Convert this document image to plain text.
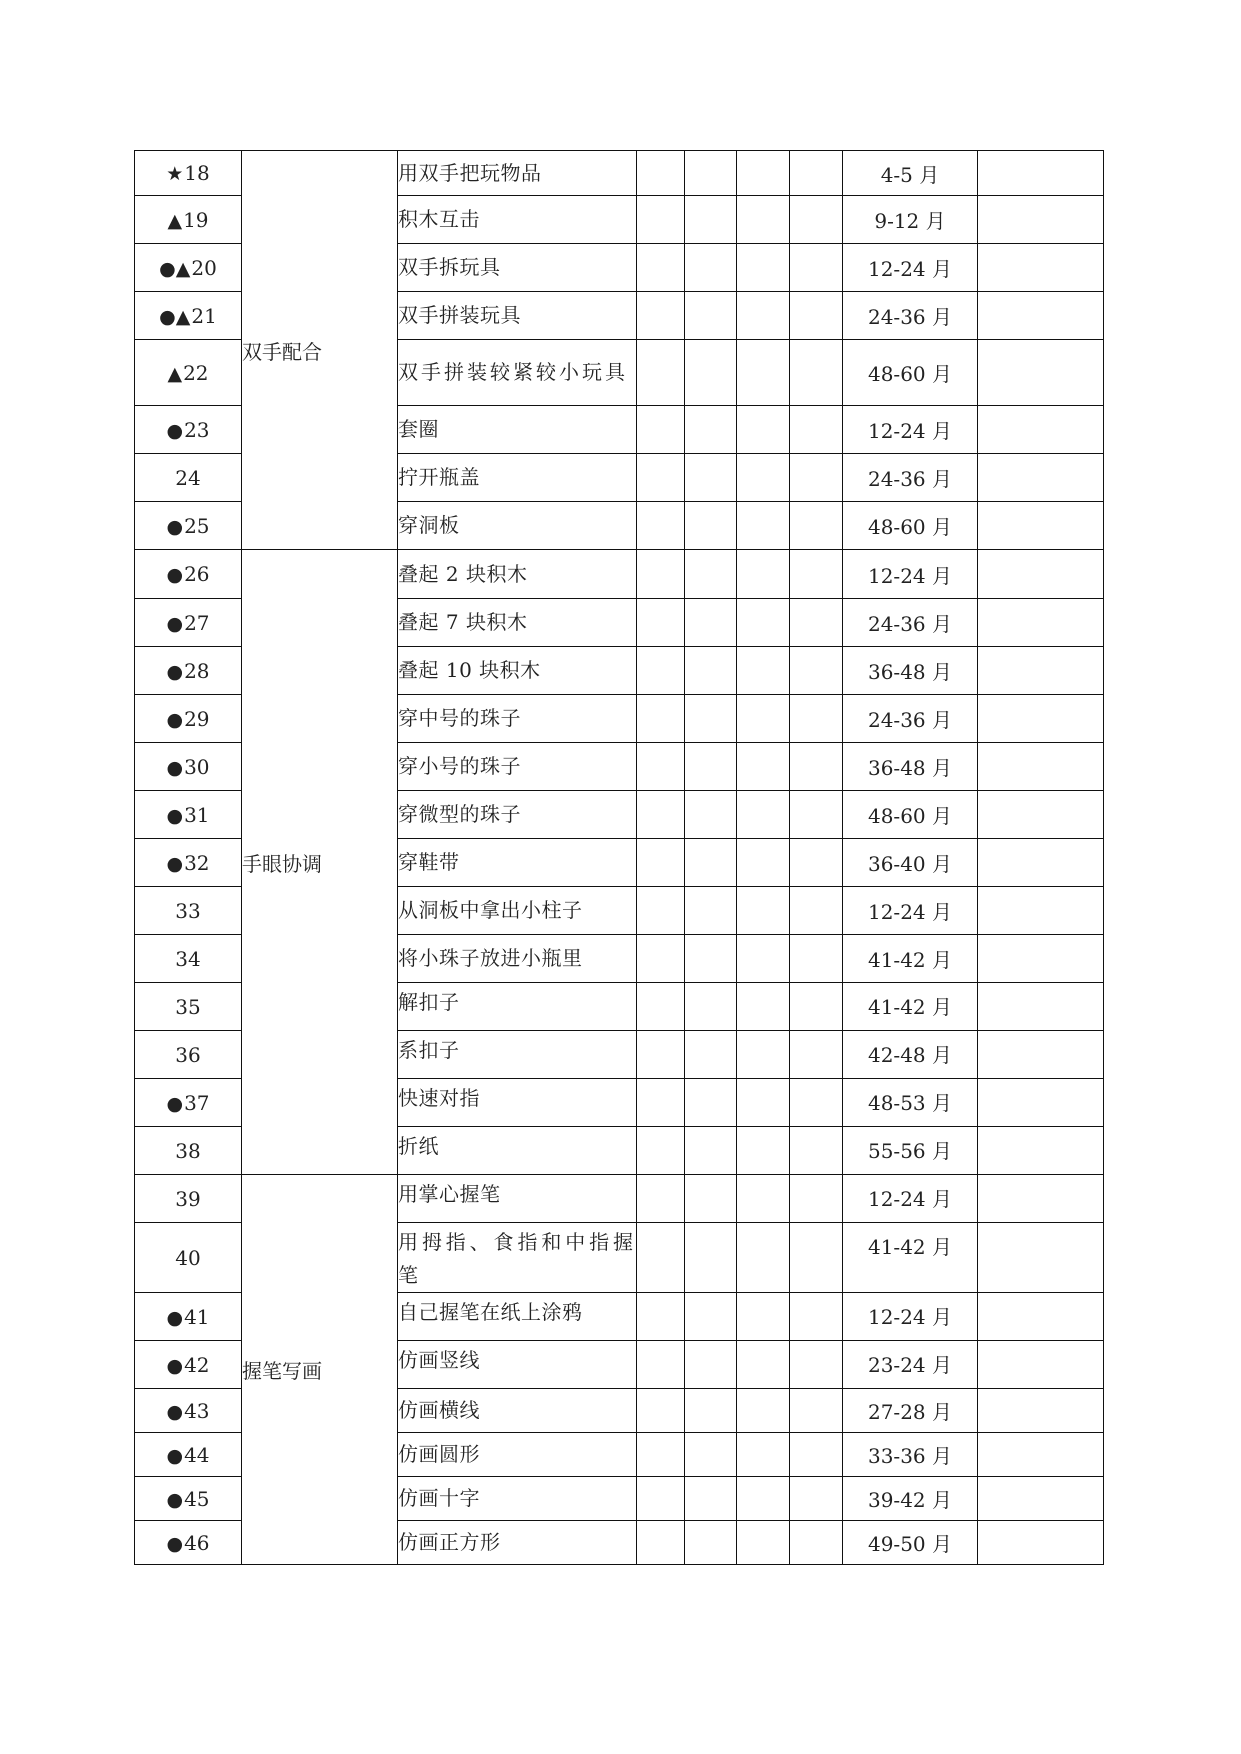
★18	双手配合	用双手把玩物品					4-5 月	
▲19		积木互击					9-12 月	
●▲20		双手拆玩具					12-24 月	
●▲21		双手拼装玩具					24-36 月	
▲22		双手拼装较紧较小玩具					48-60 月	
●23		套圈					12-24 月	
24		拧开瓶盖					24-36 月	
●25		穿洞板					48-60 月	
●26	手眼协调	叠起 2 块积木					12-24 月	
●27		叠起 7 块积木					24-36 月	
●28		叠起 10 块积木					36-48 月	
●29		穿中号的珠子					24-36 月	
●30		穿小号的珠子					36-48 月	
●31		穿微型的珠子					48-60 月	
●32		穿鞋带					36-40 月	
33		从洞板中拿出小柱子					12-24 月	
34		将小珠子放进小瓶里					41-42 月	
35		解扣子					41-42 月	
36		系扣子					42-48 月	
●37		快速对指					48-53 月	
38		折纸					55-56 月	
39	握笔写画	用掌心握笔					12-24 月	
40		用拇指、食指和中指握笔					41-42 月	
●41		自己握笔在纸上涂鸦					12-24 月	
●42		仿画竖线					23-24 月	
●43		仿画横线					27-28 月	
●44		仿画圆形					33-36 月	
●45		仿画十字					39-42 月	
●46		仿画正方形					49-50 月	
